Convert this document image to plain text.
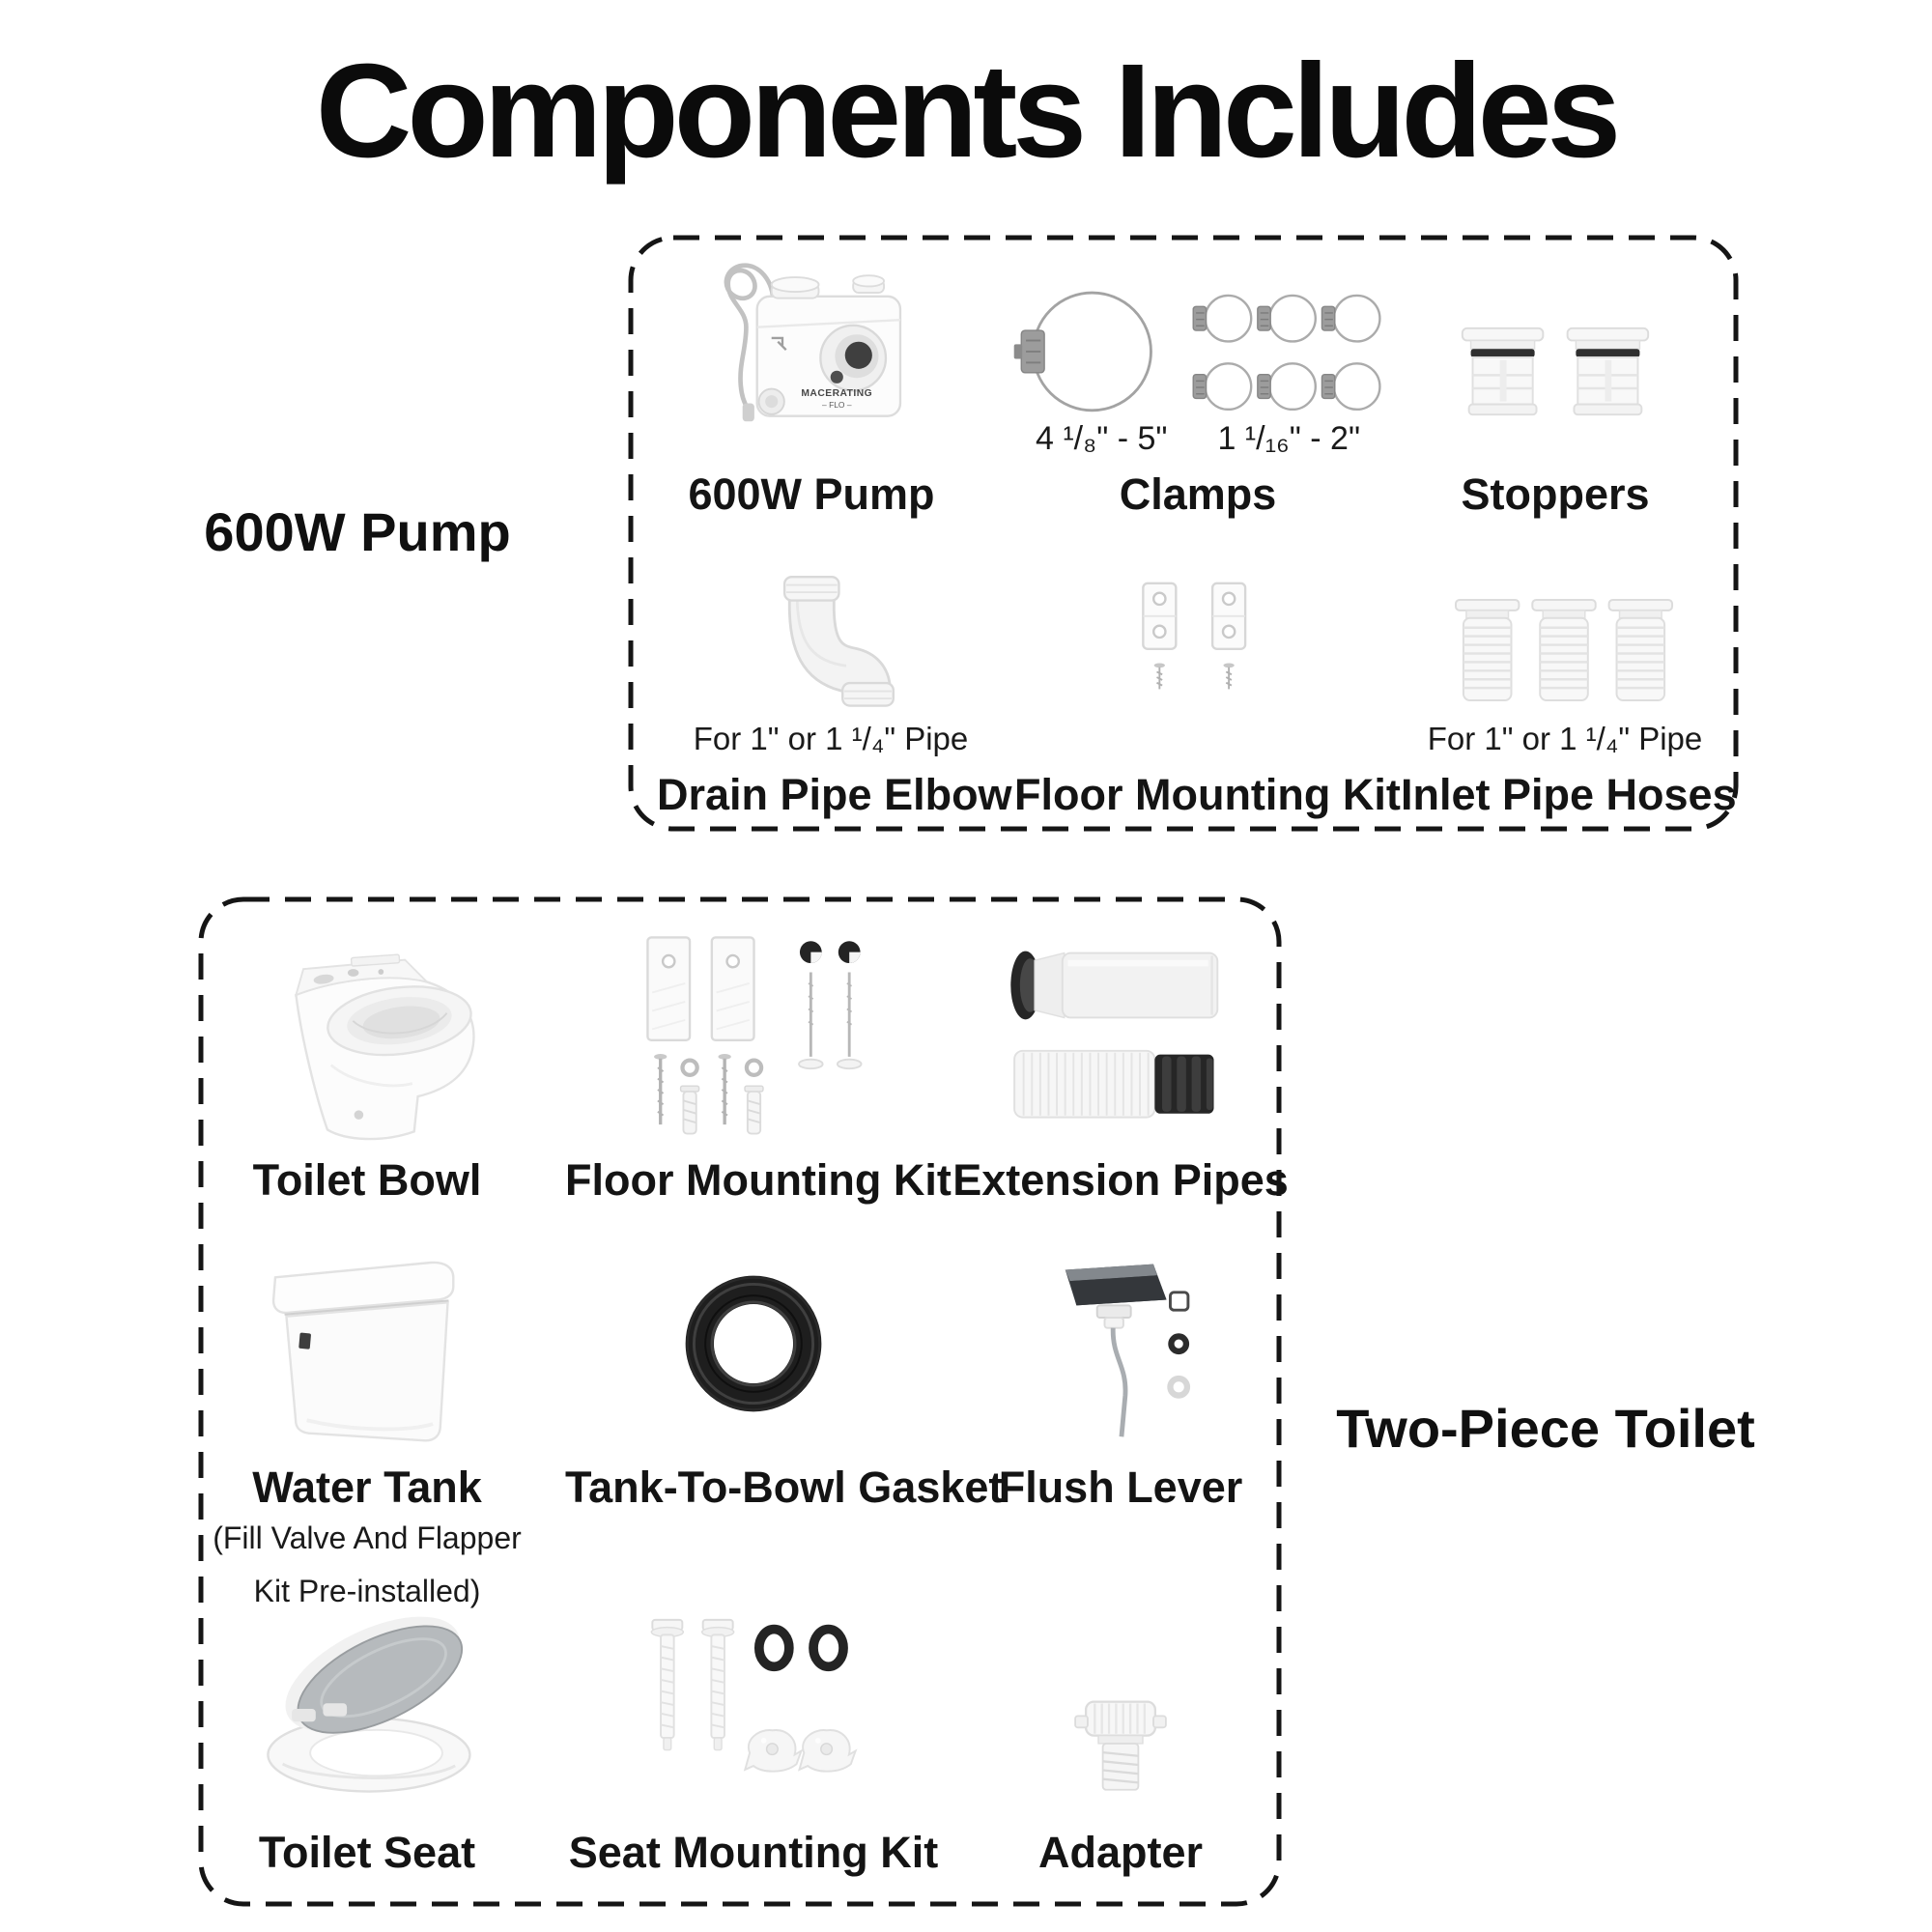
Components Includes
600W Pump
Two-Piece Toilet
MACERATING
– FLO –
600W Pump
4 ¹/₈" - 5" 1 ¹/₁₆" - 2"
Clamps	Stoppers
For 1" or 1 ¹/₄" Pipe
Drain Pipe Elbow Floor Mounting Kit
For 1" or 1 ¹/₄" Pipe
Inlet Pipe Hoses
Toilet Bowl	Floor Mounting Kit Extension Pipes
Water Tank
(Fill Valve And Flapper
Kit Pre-installed)
Tank-To-Bowl Gasket
Flush Lever
Toilet Seat	Seat Mounting Kit	Adapter
